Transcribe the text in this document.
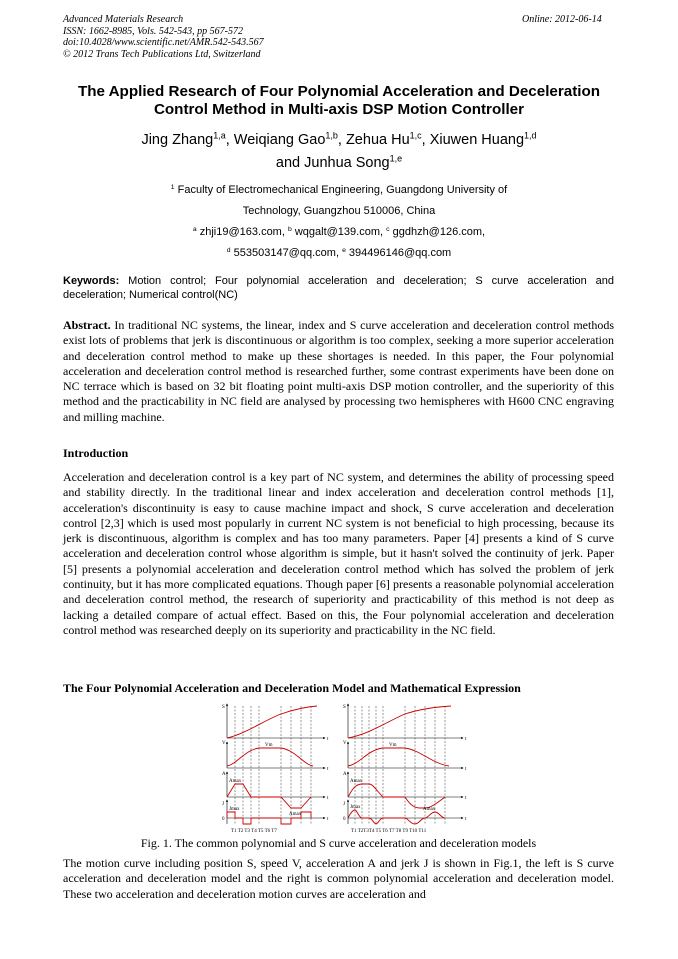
Advanced Materials Research
ISSN: 1662-8985, Vols. 542-543, pp 567-572
doi:10.4028/www.scientific.net/AMR.542-543.567
© 2012 Trans Tech Publications Ltd, Switzerland
Online: 2012-06-14
The Applied Research of Four Polynomial Acceleration and Deceleration
Control Method in Multi-axis DSP Motion Controller
Jing Zhang$^{1,a}$, Weiqiang Gao$^{1,b}$, Zehua Hu$^{1,c}$, Xiuwen Huang$^{1,d}$
and Junhua Song$^{1,e}$
$^1$ Faculty of Electromechanical Engineering, Guangdong University of
Technology, Guangzhou 510006, China
$^a$ zhji19@163.com, $^b$ wqgalt@139.com, $^c$ ggdhzh@126.com,
$^d$ 553503147@qq.com, $^e$ 394496146@qq.com
Keywords: Motion control; Four polynomial acceleration and deceleration; S curve acceleration and deceleration; Numerical control(NC)
Abstract. In traditional NC systems, the linear, index and S curve acceleration and deceleration control methods exist lots of problems that jerk is discontinuous or algorithm is too complex, seeking a more superior acceleration and deceleration control method to make up these shortages is needed. In this paper, the Four polynomial acceleration and deceleration control method is researched further, some contrast experiments have been done on NC terrace which is based on 32 bit floating point multi-axis DSP motion controller, and the superiority of this method and the practicability in NC field are analysed by processing two hemispheres with H600 CNC engraving and milling machine.
Introduction
Acceleration and deceleration control is a key part of NC system, and determines the ability of processing speed and stability directly. In the traditional linear and index acceleration and deceleration control methods [1], acceleration's discontinuity is easy to cause machine impact and shock, S curve acceleration and deceleration control [2,3] which is used most popularly in current NC system is not beneficial to high processing, because its jerk is discontinuous, algorithm is complex and has too many parameters. Paper [4] presents a kind of S curve acceleration and deceleration control whose algorithm is simple, but it hasn't solved the continuity of jerk. Paper [5] presents a polynomial acceleration and deceleration control method which has solved the problem of jerk continuity, but it has more complicated equations. Though paper [6] presents a reasonable polynomial acceleration and deceleration control method, the research of superiority and practicability of this method is not deep as lacking a detailed compare of actual effect. Based on this, the Four polynomial acceleration and deceleration control method was researched deeply on its superiority and practicability in the NC field.
The Four Polynomial Acceleration and Deceleration Model and Mathematical Expression
S
V
A
J
0
t
t
t
t
Vm
Amax
Jmax
Amax
T1 T2 T3 T4 T5 T6 T7
S
V
A
J
0
t
t
t
t
Vm
Amax
Jmax	Amax
T1 T2T3T4 T5 T6 T7 T8 T9 T10 T11
Fig. 1. The common polynomial and S curve acceleration and deceleration models
The motion curve including position S, speed V, acceleration A and jerk J is shown in Fig.1, the left is S curve acceleration and deceleration model and the right is common polynomial acceleration and deceleration model. These two acceleration and deceleration motion curves are acceleration and
